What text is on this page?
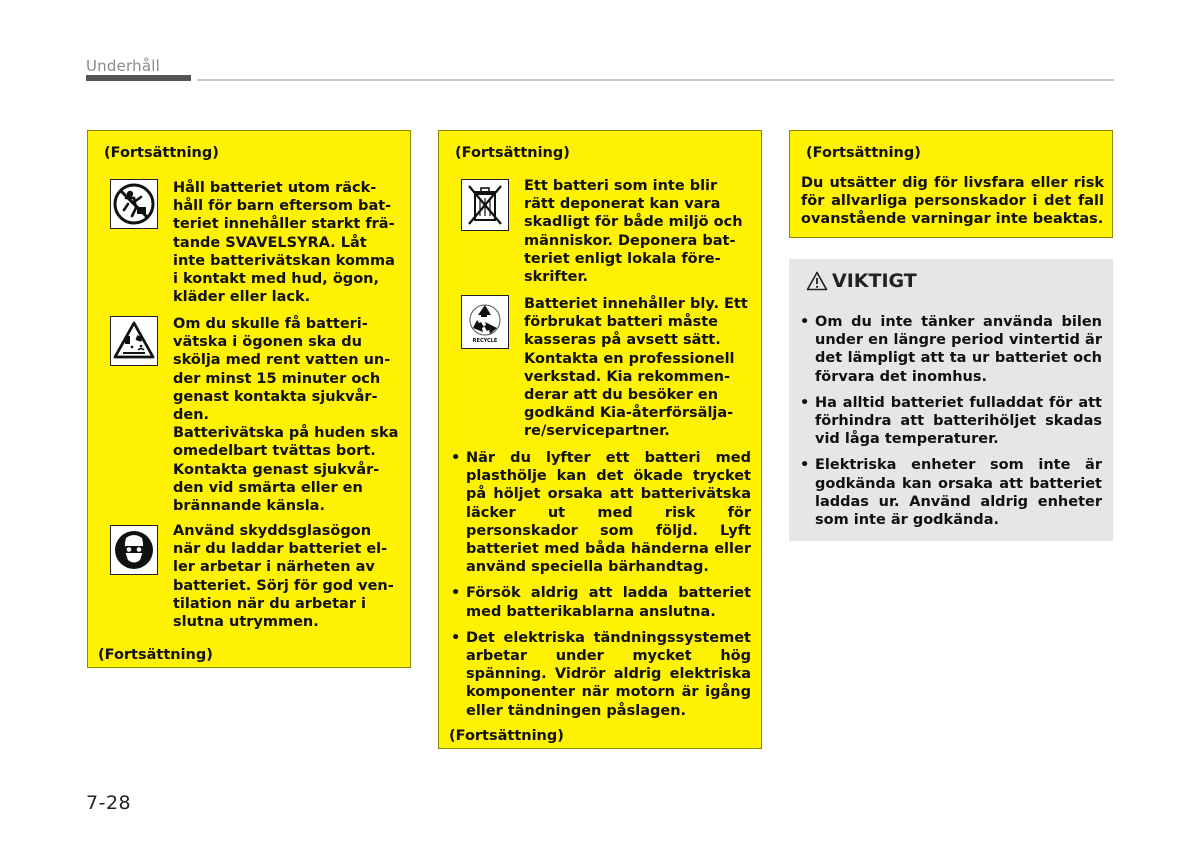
Underhåll
(Fortsättning)
Håll batteriet utom räck-
håll för barn eftersom bat-
teriet innehåller starkt frä-
tande SVAVELSYRA. Låt
inte batterivätskan komma
i kontakt med hud, ögon,
kläder eller lack.
Om du skulle få batteri-
vätska i ögonen ska du
skölja med rent vatten un-
der minst 15 minuter och
genast kontakta sjukvår-
den.
Batterivätska på huden ska
omedelbart tvättas bort.
Kontakta genast sjukvår-
den vid smärta eller en
brännande känsla.
Använd skyddsglasögon
när du laddar batteriet el-
ler arbetar i närheten av
batteriet. Sörj för god ven-
tilation när du arbetar i
slutna utrymmen.
(Fortsättning)
(Fortsättning)
Ett batteri som inte blir
rätt deponerat kan vara
skadligt för både miljö och
människor. Deponera bat-
teriet enligt lokala före-
skrifter.
RECYCLE
Batteriet innehåller bly. Ett
förbrukat batteri måste
kasseras på avsett sätt.
Kontakta en professionell
verkstad. Kia rekommen-
derar att du besöker en
godkänd Kia-återförsälja-
re/servicepartner.
• När du lyfter ett batteri med plasthölje kan det ökade trycket på höljet orsaka att batterivätska läcker ut med risk för personskador som följd. Lyft batteriet med båda händerna eller använd speciella bärhandtag.
• Försök aldrig att ladda batteriet med batterikablarna anslutna.
• Det elektriska tändningssystemet arbetar under mycket hög spänning. Vidrör aldrig elektriska komponenter när motorn är igång eller tändningen påslagen.
(Fortsättning)
(Fortsättning)
Du utsätter dig för livsfara eller risk för allvarliga personskador i det fall ovanstående varningar inte beaktas.
VIKTIGT
• Om du inte tänker använda bilen under en längre period vintertid är det lämpligt att ta ur batteriet och förvara det inomhus.
• Ha alltid batteriet fulladdat för att förhindra att batterihöljet skadas vid låga temperaturer.
• Elektriska enheter som inte är godkända kan orsaka att batteriet laddas ur. Använd aldrig enheter som inte är godkända.
7-28
